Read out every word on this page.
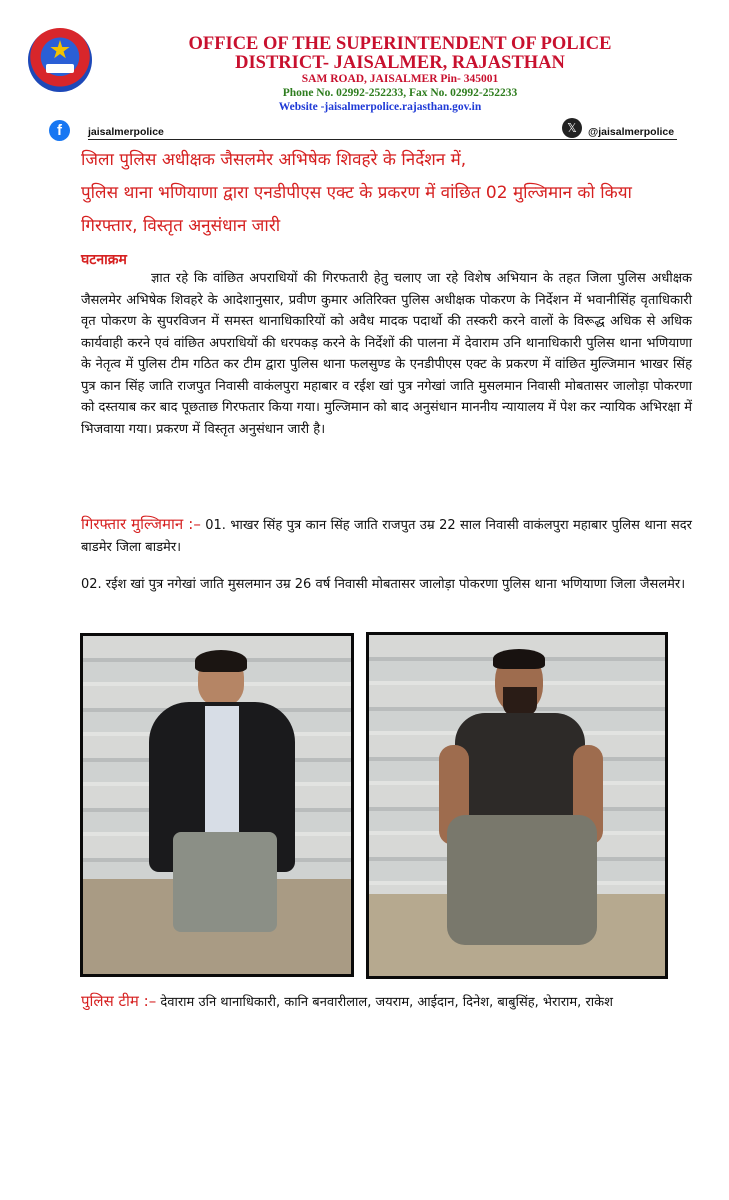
OFFICE OF THE SUPERINTENDENT OF POLICE
DISTRICT- JAISALMER, RAJASTHAN
SAM ROAD, JAISALMER Pin- 345001
Phone No. 02992-252233, Fax No. 02992-252233
Website -jaisalmerpolice.rajasthan.gov.in
f	jaisalmerpolice	𝕏	@jaisalmerpolice
जिला पुलिस अधीक्षक जैसलमेर अभिषेक शिवहरे के निर्देशन में,
पुलिस थाना भणियाणा द्वारा एनडीपीएस एक्ट के प्रकरण में वांछित 02 मुल्जिमान को किया
गिरफ्तार, विस्तृत अनुसंधान जारी
घटनाक्रम
ज्ञात रहे कि वांछित अपराधियों की गिरफतारी हेतु चलाए जा रहे विशेष अभियान के तहत जिला पुलिस अधीक्षक जैसलमेर अभिषेक शिवहरे के आदेशानुसार, प्रवीण कुमार अतिरिक्त पुलिस अधीक्षक पोकरण के निर्देशन में भवानीसिंह वृताधिकारी वृत पोकरण के सुपरविजन में समस्त थानाधिकारियों को अवैध मादक पदार्थो की तस्करी करने वालों के विरूद्ध अधिक से अधिक कार्यवाही करने एवं वांछित अपराधियों की धरपकड़ करने के निर्देशों की पालना में देवाराम उनि थानाधिकारी पुलिस थाना भणियाणा के नेतृत्व में पुलिस टीम गठित कर टीम द्वारा पुलिस थाना फलसुण्ड के एनडीपीएस एक्ट के प्रकरण में वांछित मुल्जिमान भाखर सिंह पुत्र कान सिंह जाति राजपुत निवासी वाकंलपुरा महाबार व रईश खां पुत्र नगेखां जाति मुसलमान निवासी मोबतासर जालोड़ा पोकरणा को दस्तयाब कर बाद पूछताछ गिरफतार किया गया। मुल्जिमान को बाद अनुसंधान माननीय न्यायालय में पेश कर न्यायिक अभिरक्षा में भिजवाया गया। प्रकरण में विस्तृत अनुसंधान जारी है।
गिरफ्तार मुल्जिमान :– 01. भाखर सिंह पुत्र कान सिंह जाति राजपुत उम्र 22 साल निवासी वाकंलपुरा महाबार पुलिस थाना सदर बाडमेर जिला बाडमेर।
02. रईश खां पुत्र नगेखां जाति मुसलमान उम्र 26 वर्ष निवासी मोबतासर जालोड़ा पोकरणा पुलिस थाना भणियाणा जिला जैसलमेर।
पुलिस टीम :– देवाराम उनि थानाधिकारी, कानि बनवारीलाल, जयराम, आईदान, दिनेश, बाबुसिंह, भेराराम, राकेश
